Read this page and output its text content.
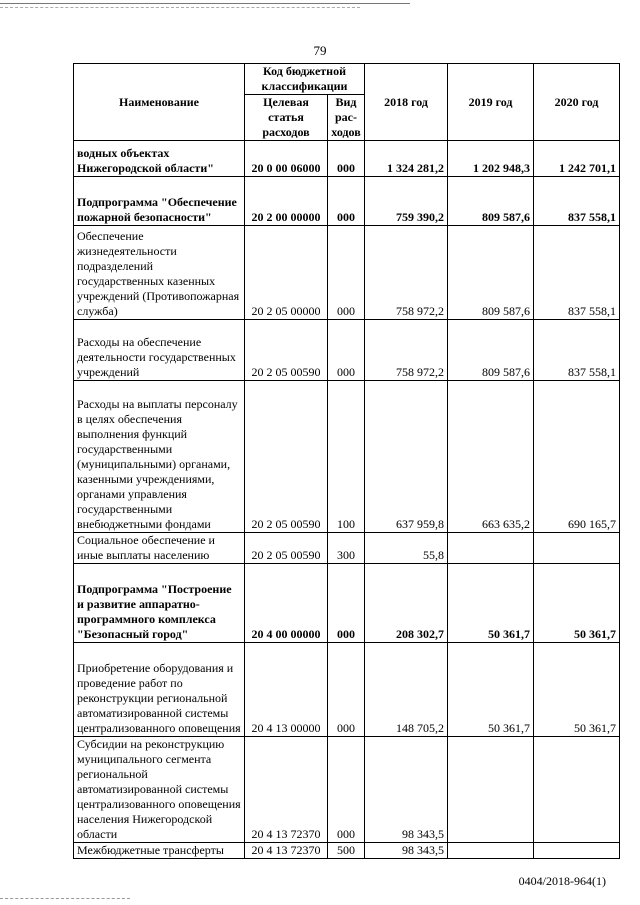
79
Наименование	Код бюджетной классификации		2018 год	2019 год	2020 год
	Целевая статья расходов	Вид рас-ходов			
водных объектах Нижегородской области"	20 0 00 06000	000	1 324 281,2	1 202 948,3	1 242 701,1
Подпрограмма "Обеспечение пожарной безопасности"	20 2 00 00000	000	759 390,2	809 587,6	837 558,1
Обеспечение жизнедеятельности подразделений государственных казенных учреждений (Противопожарная служба)	20 2 05 00000	000	758 972,2	809 587,6	837 558,1
Расходы на обеспечение деятельности государственных учреждений	20 2 05 00590	000	758 972,2	809 587,6	837 558,1
Расходы на выплаты персоналу в целях обеспечения выполнения функций государственными (муниципальными) органами, казенными учреждениями, органами управления государственными внебюджетными фондами	20 2 05 00590	100	637 959,8	663 635,2	690 165,7
Социальное обеспечение и иные выплаты населению	20 2 05 00590	300	55,8		
Подпрограмма "Построение и развитие аппаратно-программного комплекса "Безопасный город"	20 4 00 00000	000	208 302,7	50 361,7	50 361,7
Приобретение оборудования и проведение работ по реконструкции региональной автоматизированной системы централизованного оповещения	20 4 13 00000	000	148 705,2	50 361,7	50 361,7
Субсидии на реконструкцию муниципального сегмента региональной автоматизированной системы централизованного оповещения населения Нижегородской области	20 4 13 72370	000	98 343,5		
Межбюджетные трансферты	20 4 13 72370	500	98 343,5		
0404/2018-964(1)
